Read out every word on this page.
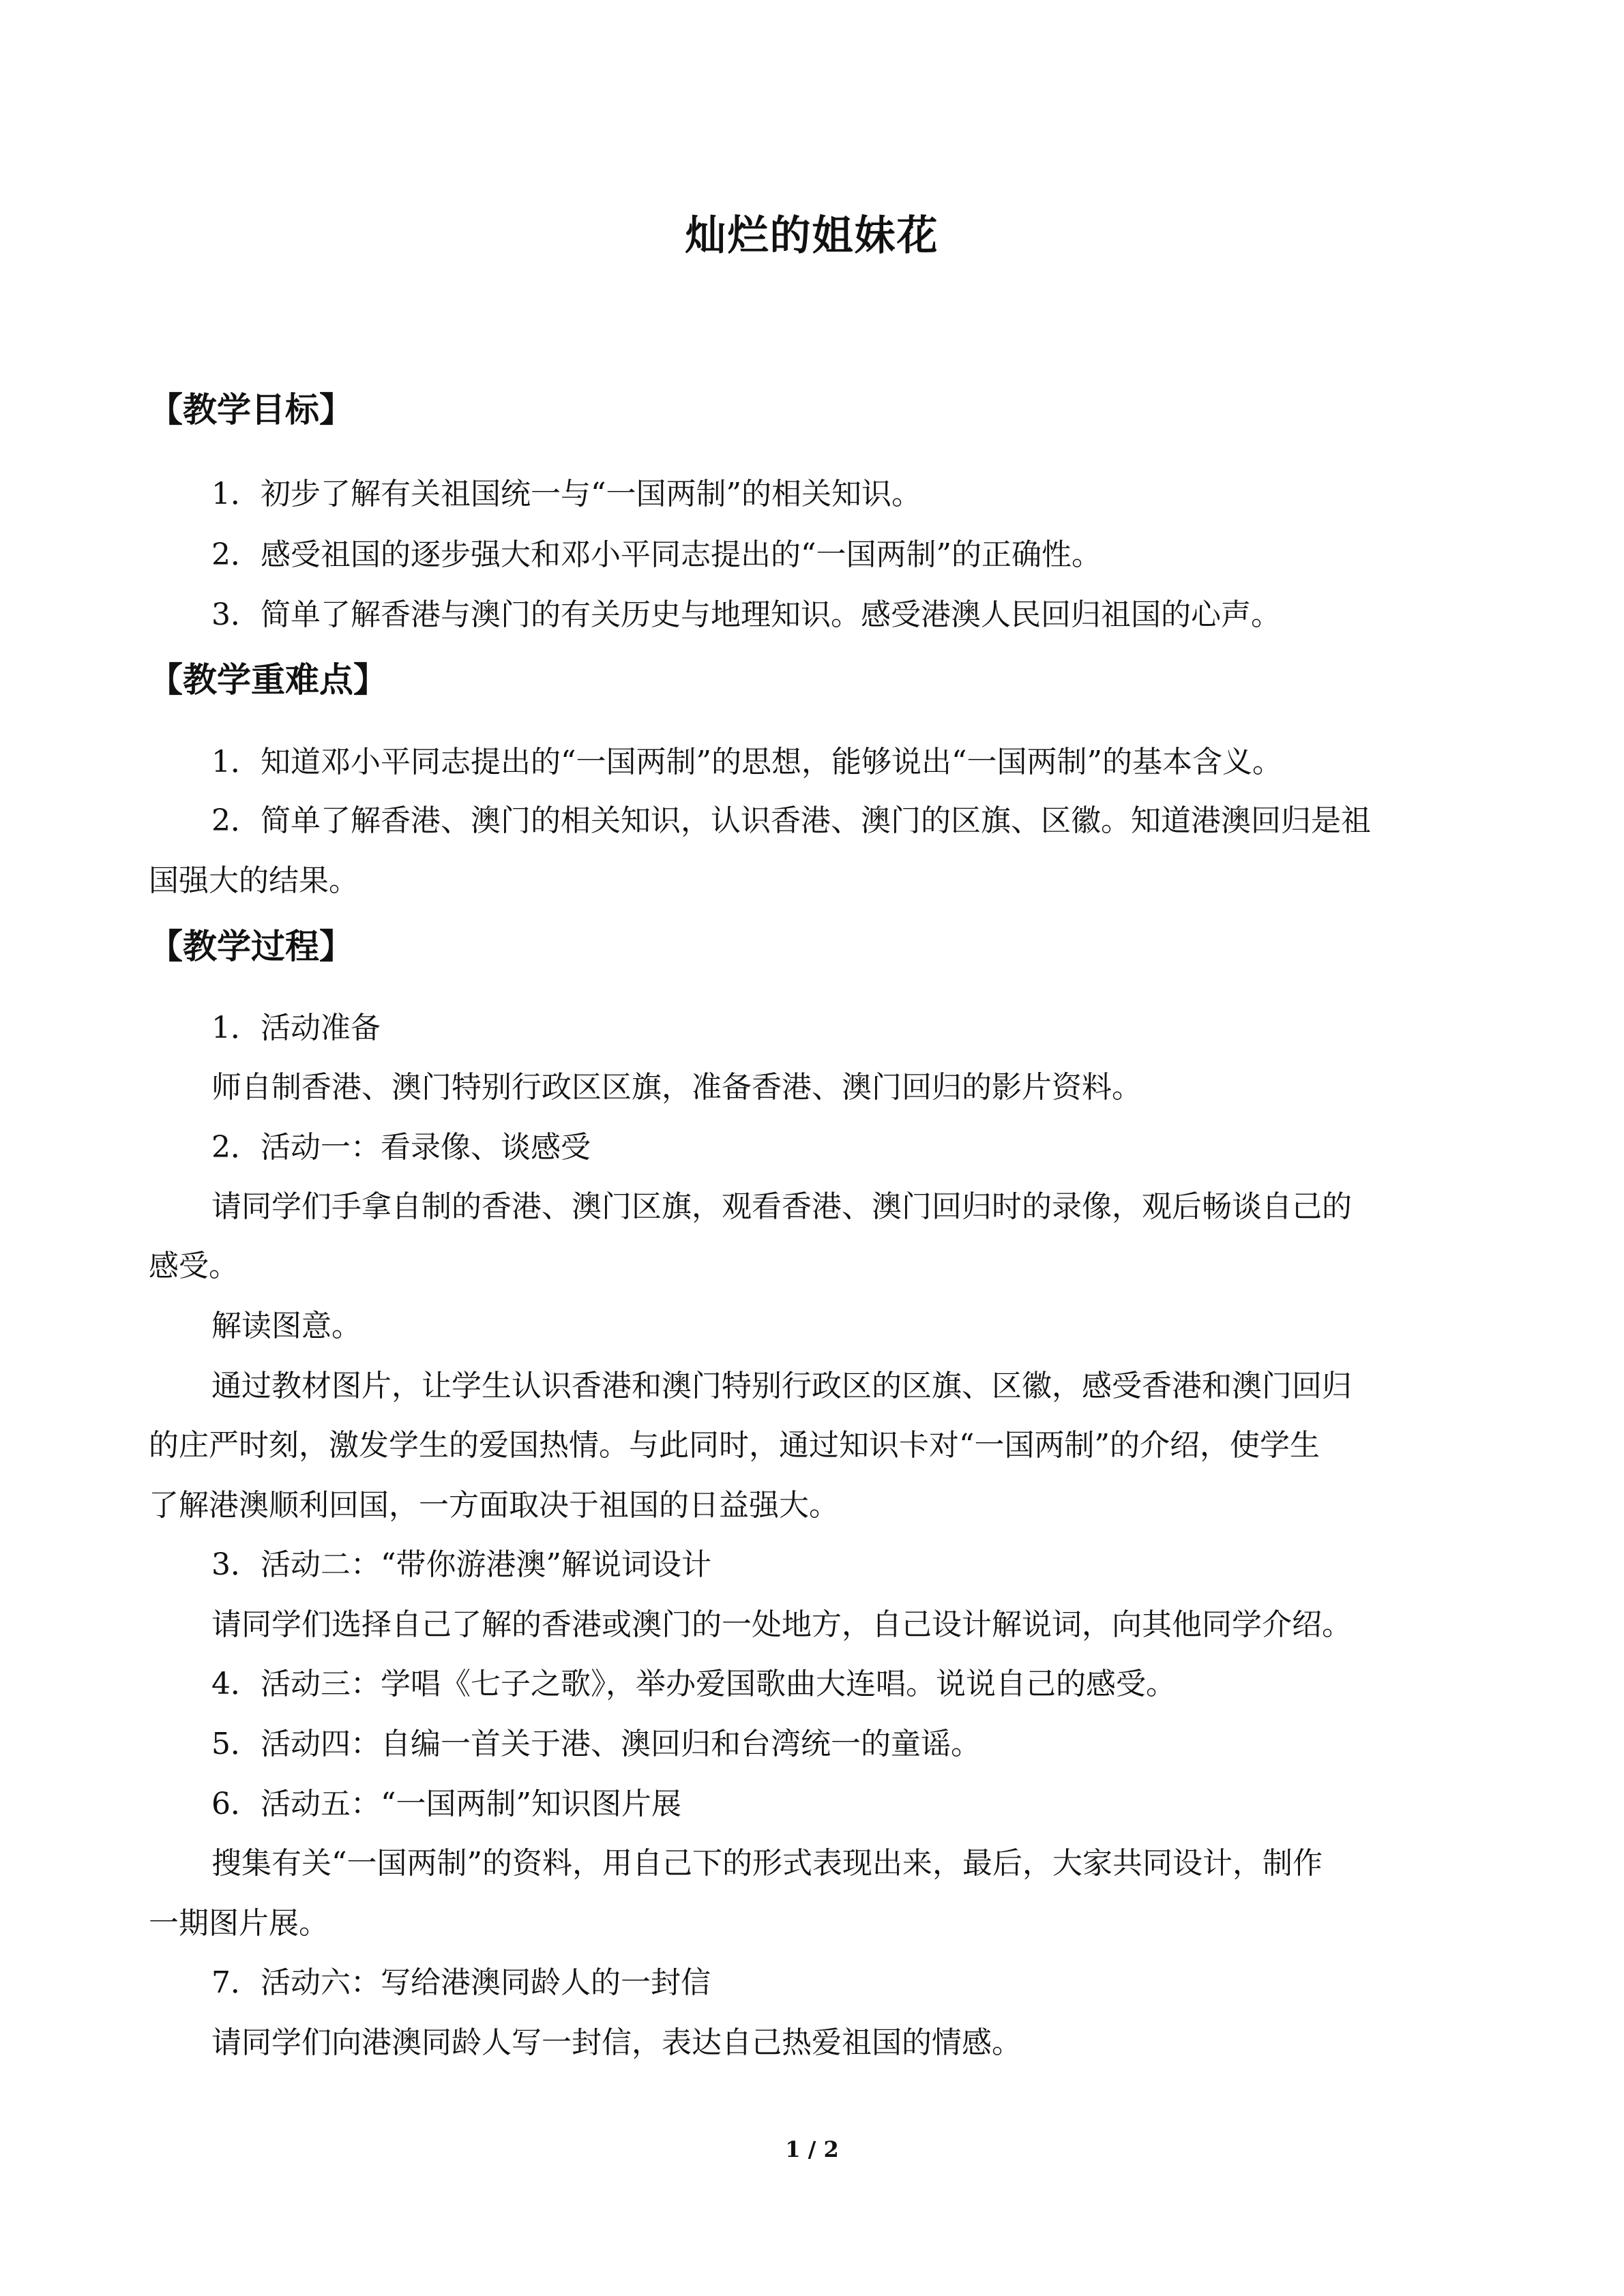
灿烂的姐妹花
【教学目标】

1．初步了解有关祖国统一与“一国两制”的相关知识。

2．感受祖国的逐步强大和邓小平同志提出的“一国两制”的正确性。

3．简单了解香港与澳门的有关历史与地理知识。感受港澳人民回归祖国的心声。

【教学重难点】

1．知道邓小平同志提出的“一国两制”的思想，能够说出“一国两制”的基本含义。

2．简单了解香港、澳门的相关知识，认识香港、澳门的区旗、区徽。知道港澳回归是祖

国强大的结果。

【教学过程】

1．活动准备

师自制香港、澳门特别行政区区旗，准备香港、澳门回归的影片资料。

2．活动一：看录像、谈感受

请同学们手拿自制的香港、澳门区旗，观看香港、澳门回归时的录像，观后畅谈自己的

感受。

解读图意。

通过教材图片，让学生认识香港和澳门特别行政区的区旗、区徽，感受香港和澳门回归

的庄严时刻，激发学生的爱国热情。与此同时，通过知识卡对“一国两制”的介绍，使学生

了解港澳顺利回国，一方面取决于祖国的日益强大。

3．活动二：“带你游港澳”解说词设计

请同学们选择自己了解的香港或澳门的一处地方，自己设计解说词，向其他同学介绍。

4．活动三：学唱《七子之歌》，举办爱国歌曲大连唱。说说自己的感受。

5．活动四：自编一首关于港、澳回归和台湾统一的童谣。

6．活动五：“一国两制”知识图片展

搜集有关“一国两制”的资料，用自己下的形式表现出来，最后，大家共同设计，制作

一期图片展。

7．活动六：写给港澳同龄人的一封信

请同学们向港澳同龄人写一封信，表达自己热爱祖国的情感。

1 / 2
